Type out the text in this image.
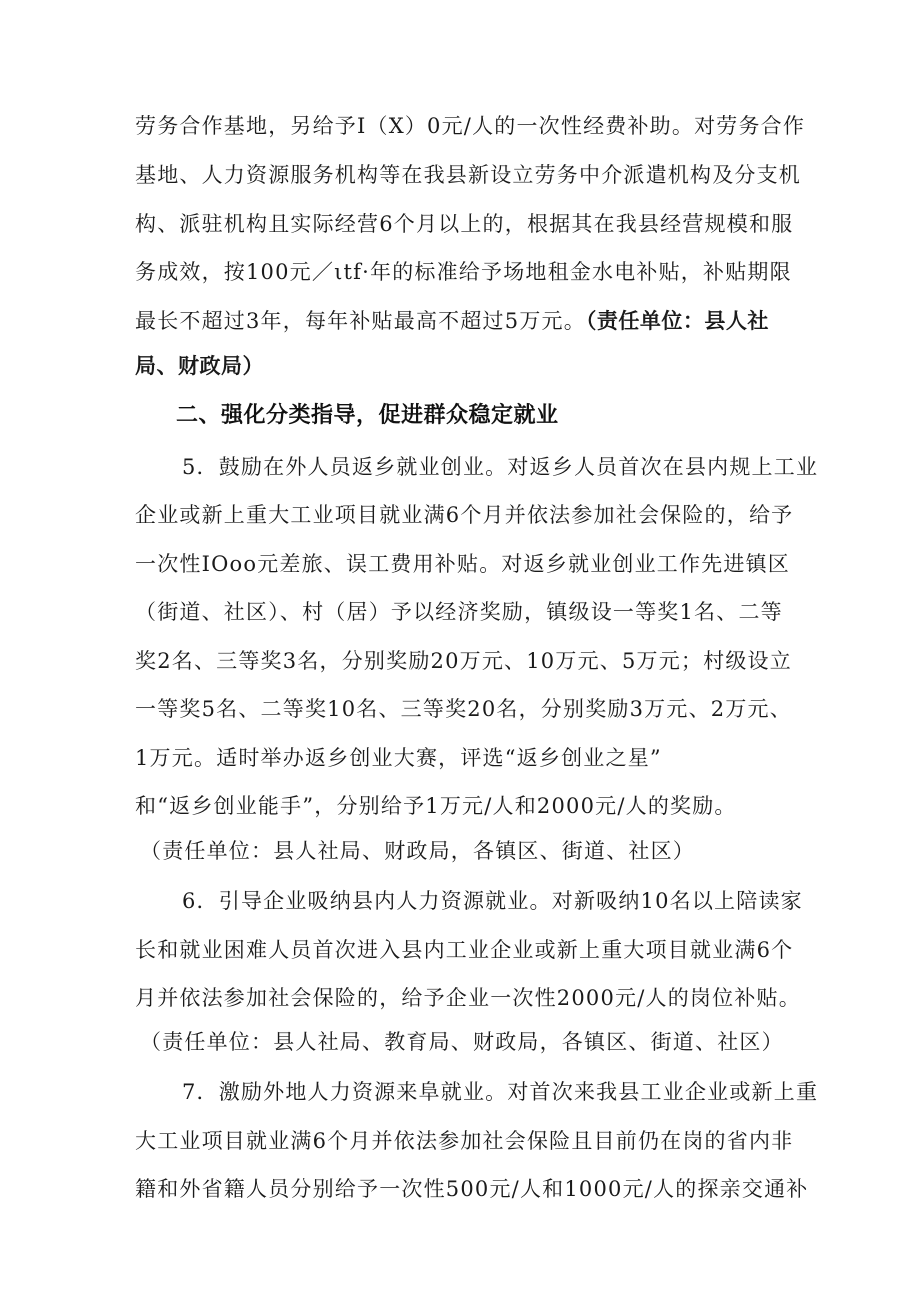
劳务合作基地，另给予I（X）0元/人的一次性经费补助。对劳务合作
基地、人力资源服务机构等在我县新设立劳务中介派遣机构及分支机
构、派驻机构且实际经营6个月以上的，根据其在我县经营规模和服
务成效，按100元／ιtf·年的标准给予场地租金水电补贴，补贴期限
最长不超过3年，每年补贴最高不超过5万元。（责任单位：县人社
局、财政局）
二、强化分类指导，促进群众稳定就业
5．鼓励在外人员返乡就业创业。对返乡人员首次在县内规上工业
企业或新上重大工业项目就业满6个月并依法参加社会保险的，给予
一次性IOoo元差旅、误工费用补贴。对返乡就业创业工作先进镇区
（街道、社区）、村（居）予以经济奖励，镇级设一等奖1名、二等
奖2名、三等奖3名，分别奖励20万元、10万元、5万元；村级设立
一等奖5名、二等奖10名、三等奖20名，分别奖励3万元、2万元、
1万元。适时举办返乡创业大赛，评选“返乡创业之星”
和“返乡创业能手”，分别给予1万元/人和2000元/人的奖励。
（责任单位：县人社局、财政局，各镇区、街道、社区）
6．引导企业吸纳县内人力资源就业。对新吸纳10名以上陪读家
长和就业困难人员首次进入县内工业企业或新上重大项目就业满6个
月并依法参加社会保险的，给予企业一次性2000元/人的岗位补贴。
（责任单位：县人社局、教育局、财政局，各镇区、街道、社区）
7．激励外地人力资源来阜就业。对首次来我县工业企业或新上重
大工业项目就业满6个月并依法参加社会保险且目前仍在岗的省内非
籍和外省籍人员分别给予一次性500元/人和1000元/人的探亲交通补
